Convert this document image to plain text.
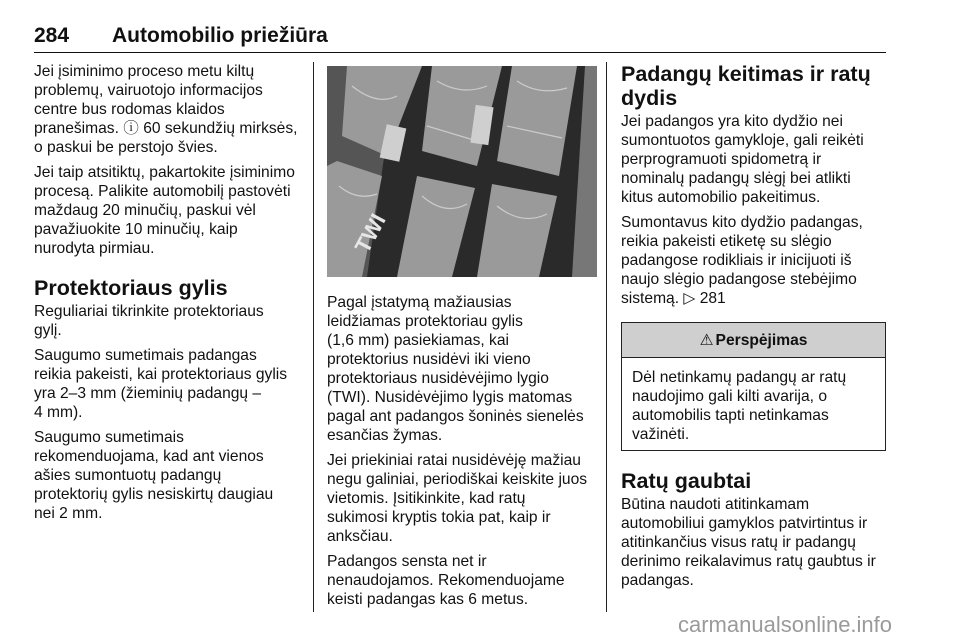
284 Automobilio priežiūra

Jei įsiminimo proceso metu kiltų
problemų, vairuotojo informacijos
centre bus rodomas klaidos
pranešimas. ⓘ 60 sekundžių mirksės,
o paskui be perstojo švies.

Jei taip atsitiktų, pakartokite įsiminimo
procesą. Palikite automobilį pastovėti
maždaug 20 minučių, paskui vėl
pavažiuokite 10 minučių, kaip
nurodyta pirmiau.

Protektoriaus gylis

Reguliariai tikrinkite protektoriaus
gylį.

Saugumo sumetimais padangas
reikia pakeisti, kai protektoriaus gylis
yra 2–3 mm (žieminių padangų –
4 mm).

Saugumo sumetimais
rekomenduojama, kad ant vienos
ašies sumontuotų padangų
protektorių gylis nesiskirtų daugiau
nei 2 mm.

TWI

Pagal įstatymą mažiausias
leidžiamas protektoriau gylis
(1,6 mm) pasiekiamas, kai
protektorius nusidėvi iki vieno
protektoriaus nusidėvėjimo lygio
(TWI). Nusidėvėjimo lygis matomas
pagal ant padangos šoninės sienelės
esančias žymas.

Jei priekiniai ratai nusidėvėję mažiau
negu galiniai, periodiškai keiskite juos
vietomis. Įsitikinkite, kad ratų
sukimosi kryptis tokia pat, kaip ir
anksčiau.

Padangos sensta net ir
nenaudojamos. Rekomenduojame
keisti padangas kas 6 metus.

Padangų keitimas ir ratų
dydis

Jei padangos yra kito dydžio nei
sumontuotos gamykloje, gali reikėti
perprogramuoti spidometrą ir
nominalų padangų slėgį bei atlikti
kitus automobilio pakeitimus.

Sumontavus kito dydžio padangas,
reikia pakeisti etiketę su slėgio
padangose rodikliais ir inicijuoti iš
naujo slėgio padangose stebėjimo
sistemą. ▷ 281

⚠ Perspėjimas
Dėl netinkamų padangų ar ratų
naudojimo gali kilti avarija, o
automobilis tapti netinkamas
važinėti.
Ratų gaubtai

Būtina naudoti atitinkamam
automobiliui gamyklos patvirtintus ir
atitinkančius visus ratų ir padangų
derinimo reikalavimus ratų gaubtus ir
padangas.

carmanualsonline.info
